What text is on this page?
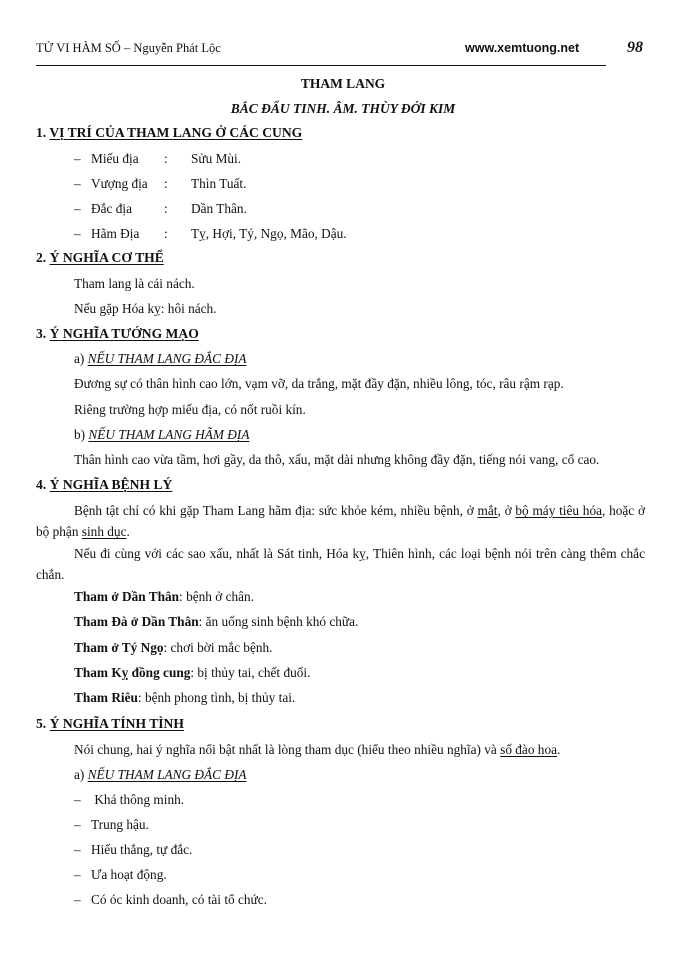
TỬ VI HÀM SỐ – Nguyễn Phát Lộc	www.xemtuong.net	98
THAM LANG
BẮC ĐẨU TINH. ÂM. THÙY ĐỚI KIM
1. VỊ TRÍ CỦA THAM LANG Ở CÁC CUNG
– Miếu địa : Sửu Mùi.
– Vượng địa : Thìn Tuất.
– Đắc địa : Dần Thân.
– Hãm Địa : Tỵ, Hợi, Tý, Ngọ, Mão, Dậu.
2. Ý NGHĨA CƠ THỂ
Tham lang là cái nách.
Nếu gặp Hóa kỵ: hôi nách.
3. Ý NGHĨA TƯỚNG MẠO
a) NẾU THAM LANG ĐẮC ĐỊA
Đương sự có thân hình cao lớn, vạm vỡ, da trắng, mặt đầy đặn, nhiều lông, tóc, râu rậm rạp.
Riêng trường hợp miếu địa, có nốt ruồi kín.
b) NẾU THAM LANG HÃM ĐỊA
Thân hình cao vừa tầm, hơi gầy, da thô, xấu, mặt dài nhưng không đầy đặn, tiếng nói vang, cổ cao.
4. Ý NGHĨA BỆNH LÝ
Bệnh tật chỉ có khi gặp Tham Lang hãm địa: sức khỏe kém, nhiều bệnh, ở mắt, ở bộ máy tiêu hóa, hoặc ở bộ phận sinh dục.
Nếu đi cùng với các sao xấu, nhất là Sát tinh, Hóa kỵ, Thiên hình, các loại bệnh nói trên càng thêm chắc chắn.
Tham ở Dần Thân: bệnh ở chân.
Tham Đà ở Dần Thân: ăn uống sinh bệnh khó chữa.
Tham ở Tý Ngọ: chơi bời mắc bệnh.
Tham Kỵ đồng cung: bị thủy tai, chết đuối.
Tham Riêu: bệnh phong tình, bị thủy tai.
5. Ý NGHĨA TÍNH TÌNH
Nói chung, hai ý nghĩa nổi bật nhất là lòng tham dục (hiểu theo nhiều nghĩa) và số đào hoa.
a) NẾU THAM LANG ĐẮC ĐỊA
– Khá thông minh.
– Trung hậu.
– Hiếu thắng, tự đắc.
– Ưa hoạt động.
– Có óc kinh doanh, có tài tổ chức.
